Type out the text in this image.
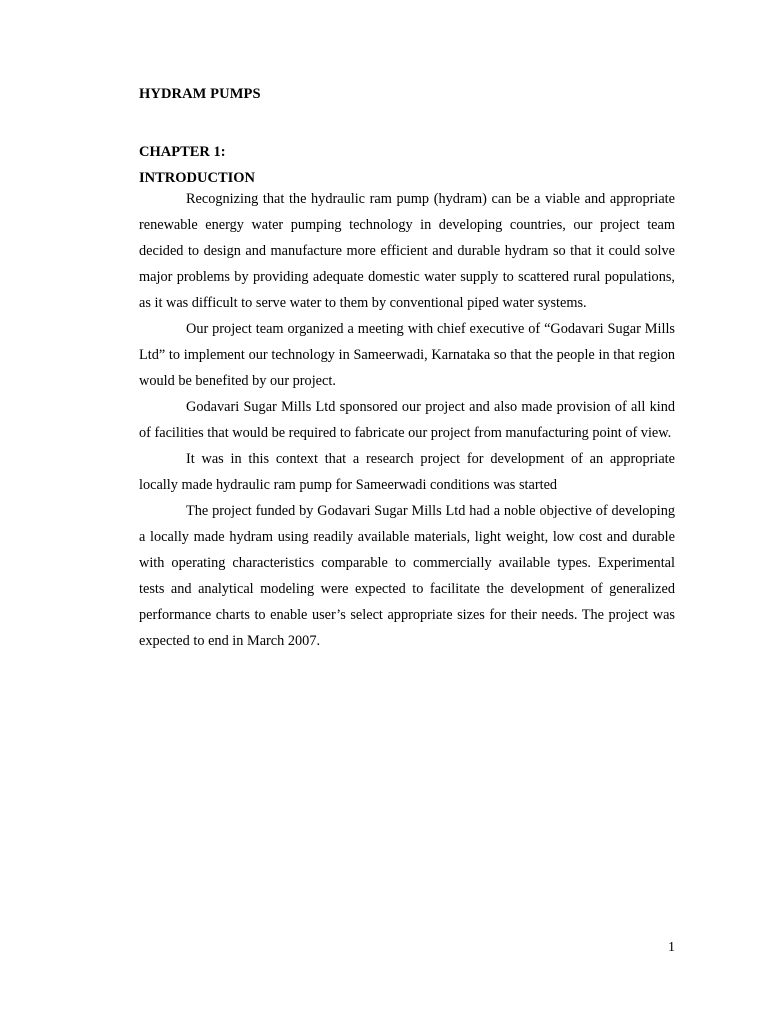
HYDRAM PUMPS
CHAPTER 1:
INTRODUCTION

Recognizing that the hydraulic ram pump (hydram) can be a viable and appropriate renewable energy water pumping technology in developing countries, our project team decided to design and manufacture more efficient and durable hydram so that it could solve major problems by providing adequate domestic water supply to scattered rural populations, as it was difficult to serve water to them by conventional piped water systems.

Our project team organized a meeting with chief executive of “Godavari Sugar Mills Ltd” to implement our technology in Sameerwadi, Karnataka so that the people in that region would be benefited by our project.

Godavari Sugar Mills Ltd sponsored our project and also made provision of all kind of facilities that would be required to fabricate our project from manufacturing point of view.

It was in this context that a research project for development of an appropriate locally made hydraulic ram pump for Sameerwadi conditions was started

The project funded by Godavari Sugar Mills Ltd had a noble objective of developing a locally made hydram using readily available materials, light weight, low cost and durable with operating characteristics comparable to commercially available types. Experimental tests and analytical modeling were expected to facilitate the development of generalized performance charts to enable user’s select appropriate sizes for their needs. The project was expected to end in March 2007.

1
